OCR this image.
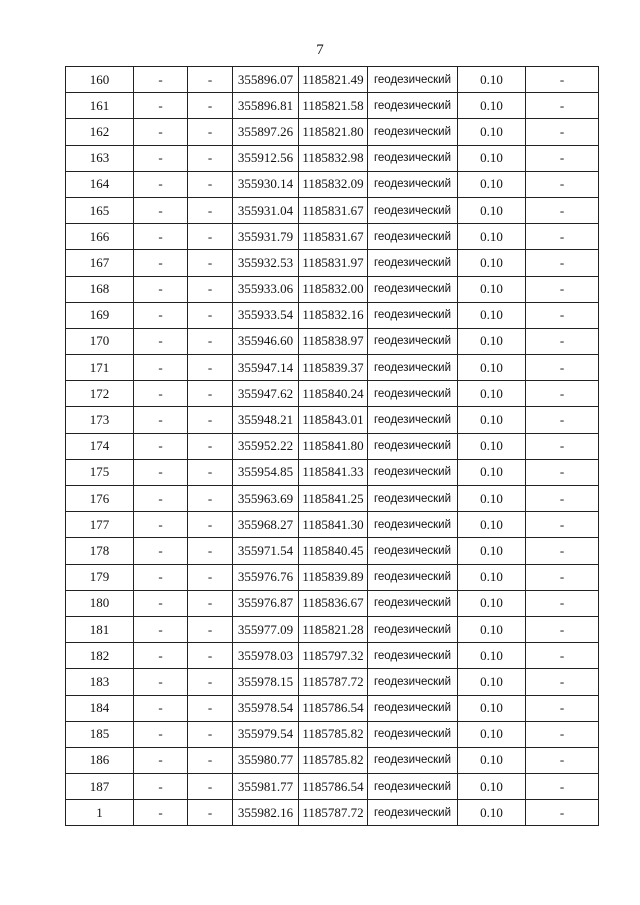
7
160	-	-	355896.07	1185821.49	геодезический	0.10	-
161	-	-	355896.81	1185821.58	геодезический	0.10	-
162	-	-	355897.26	1185821.80	геодезический	0.10	-
163	-	-	355912.56	1185832.98	геодезический	0.10	-
164	-	-	355930.14	1185832.09	геодезический	0.10	-
165	-	-	355931.04	1185831.67	геодезический	0.10	-
166	-	-	355931.79	1185831.67	геодезический	0.10	-
167	-	-	355932.53	1185831.97	геодезический	0.10	-
168	-	-	355933.06	1185832.00	геодезический	0.10	-
169	-	-	355933.54	1185832.16	геодезический	0.10	-
170	-	-	355946.60	1185838.97	геодезический	0.10	-
171	-	-	355947.14	1185839.37	геодезический	0.10	-
172	-	-	355947.62	1185840.24	геодезический	0.10	-
173	-	-	355948.21	1185843.01	геодезический	0.10	-
174	-	-	355952.22	1185841.80	геодезический	0.10	-
175	-	-	355954.85	1185841.33	геодезический	0.10	-
176	-	-	355963.69	1185841.25	геодезический	0.10	-
177	-	-	355968.27	1185841.30	геодезический	0.10	-
178	-	-	355971.54	1185840.45	геодезический	0.10	-
179	-	-	355976.76	1185839.89	геодезический	0.10	-
180	-	-	355976.87	1185836.67	геодезический	0.10	-
181	-	-	355977.09	1185821.28	геодезический	0.10	-
182	-	-	355978.03	1185797.32	геодезический	0.10	-
183	-	-	355978.15	1185787.72	геодезический	0.10	-
184	-	-	355978.54	1185786.54	геодезический	0.10	-
185	-	-	355979.54	1185785.82	геодезический	0.10	-
186	-	-	355980.77	1185785.82	геодезический	0.10	-
187	-	-	355981.77	1185786.54	геодезический	0.10	-
1	-	-	355982.16	1185787.72	геодезический	0.10	-
